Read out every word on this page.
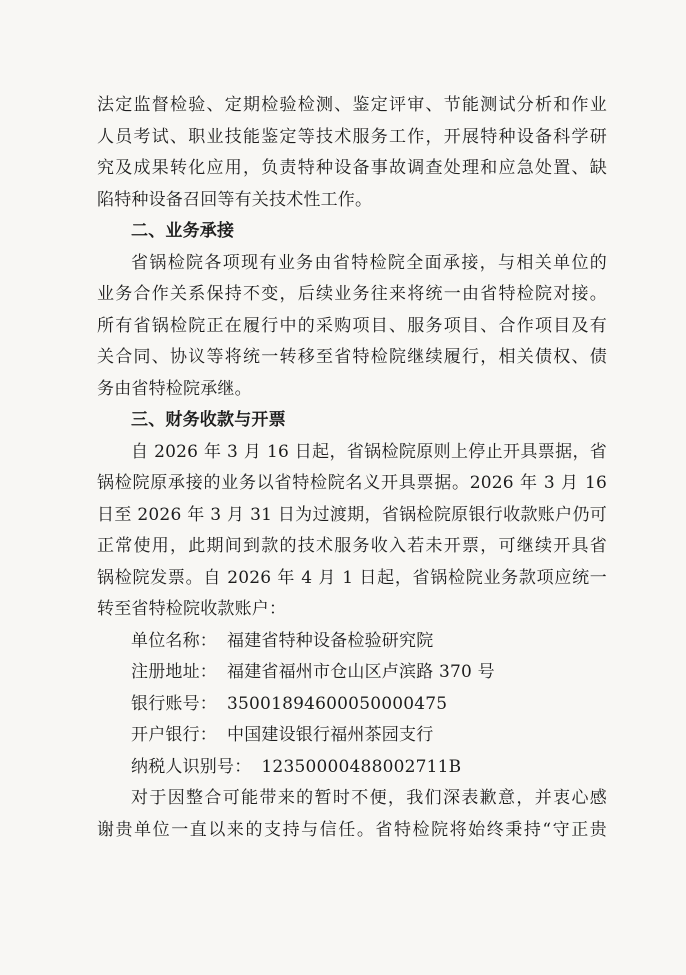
法定监督检验、定期检验检测、鉴定评审、节能测试分析和作业
人员考试、职业技能鉴定等技术服务工作，开展特种设备科学研
究及成果转化应用，负责特种设备事故调查处理和应急处置、缺
陷特种设备召回等有关技术性工作。
二、业务承接
省锅检院各项现有业务由省特检院全面承接，与相关单位的
业务合作关系保持不变，后续业务往来将统一由省特检院对接。
所有省锅检院正在履行中的采购项目、服务项目、合作项目及有
关合同、协议等将统一转移至省特检院继续履行，相关债权、债
务由省特检院承继。
三、财务收款与开票
自 2026 年 3 月 16 日起，省锅检院原则上停止开具票据，省
锅检院原承接的业务以省特检院名义开具票据。2026 年 3 月 16
日至 2026 年 3 月 31 日为过渡期，省锅检院原银行收款账户仍可
正常使用，此期间到款的技术服务收入若未开票，可继续开具省
锅检院发票。自 2026 年 4 月 1 日起，省锅检院业务款项应统一
转至省特检院收款账户：
单位名称： 福建省特种设备检验研究院
注册地址： 福建省福州市仓山区卢滨路 370 号
银行账号： 35001894600050000475
开户银行： 中国建设银行福州茶园支行
纳税人识别号： 12350000488002711B
对于因整合可能带来的暂时不便，我们深表歉意，并衷心感
谢贵单位一直以来的支持与信任。省特检院将始终秉持“守正贵
